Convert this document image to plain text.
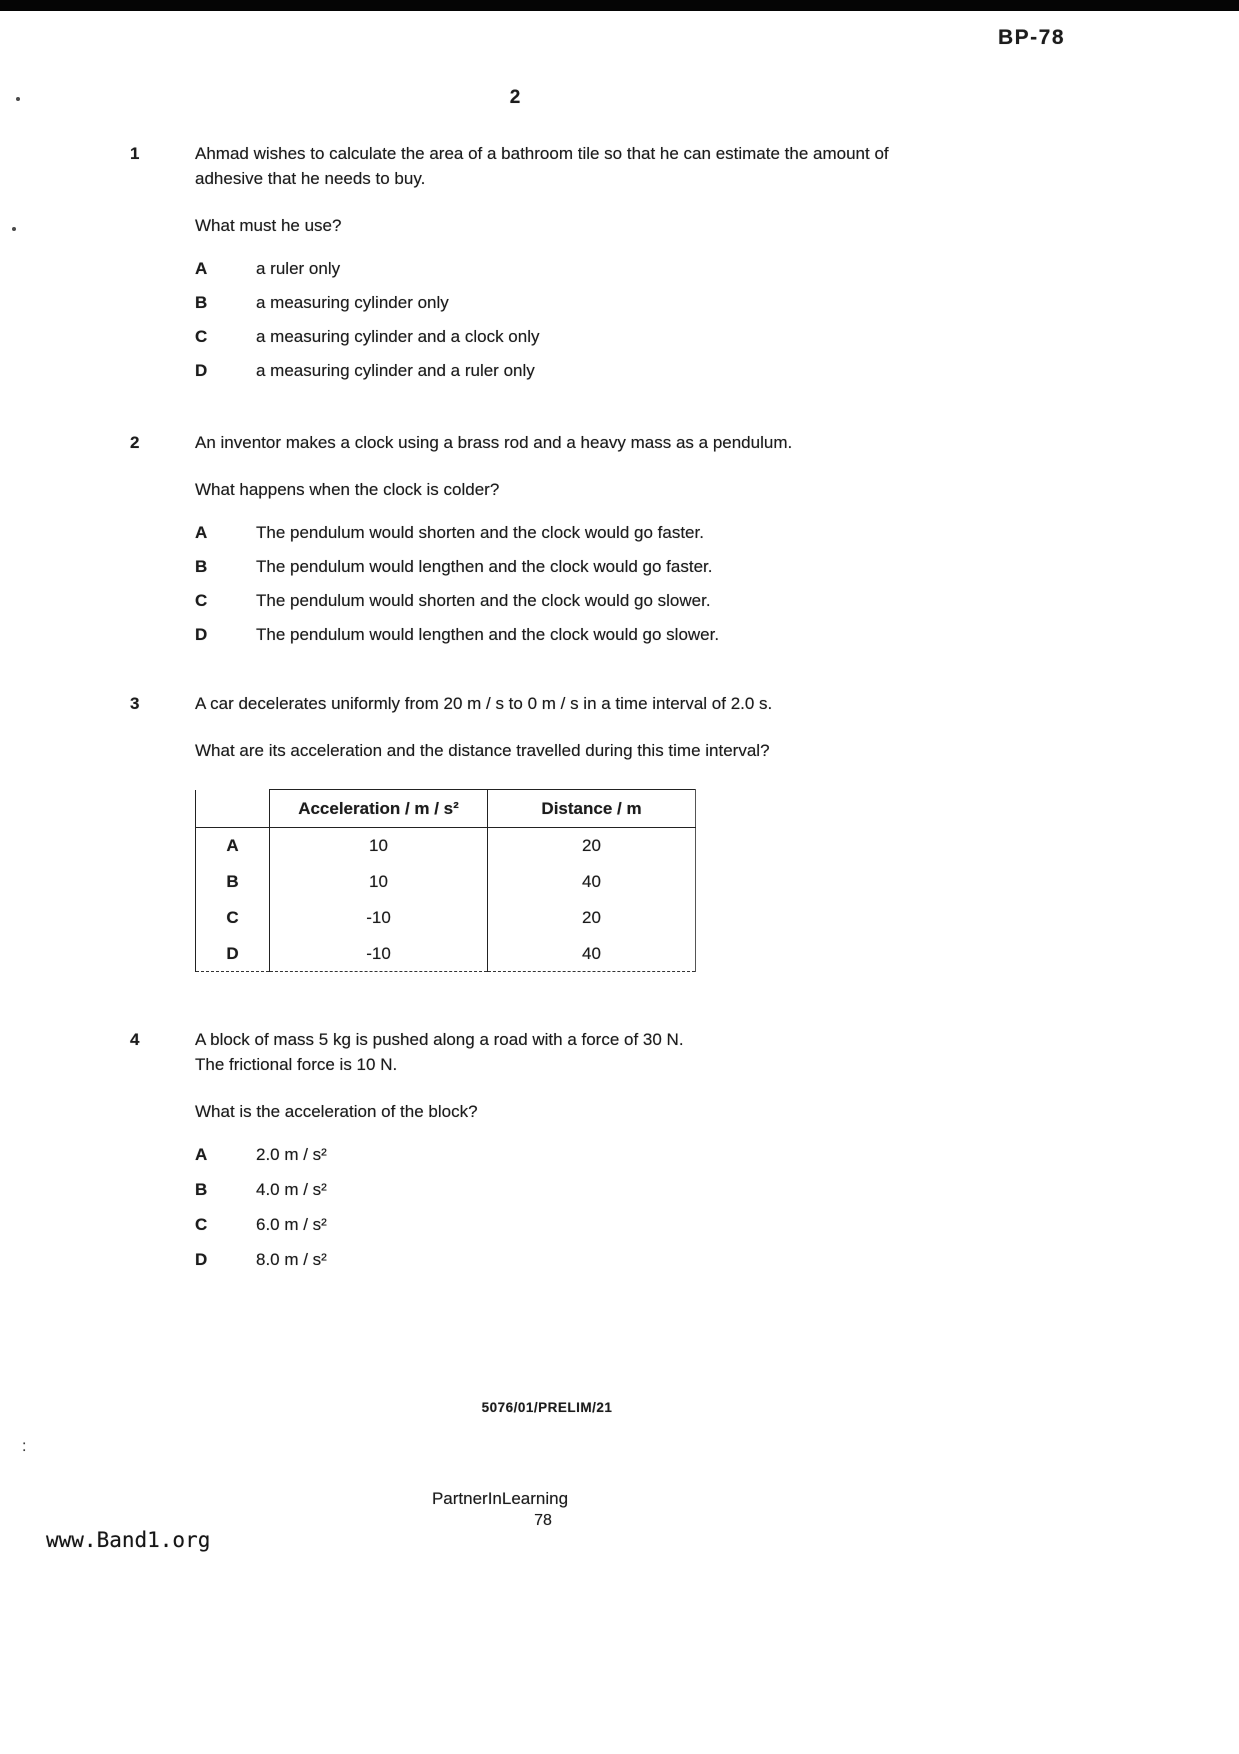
:
BP-78
2
1	Ahmad wishes to calculate the area of a bathroom tile so that he can estimate the amount of adhesive that he needs to buy.

What must he use?

A	a ruler only
B	a measuring cylinder only
C	a measuring cylinder and a clock only
D	a measuring cylinder and a ruler only
2	An inventor makes a clock using a brass rod and a heavy mass as a pendulum.

What happens when the clock is colder?

A	The pendulum would shorten and the clock would go faster.
B	The pendulum would lengthen and the clock would go faster.
C	The pendulum would shorten and the clock would go slower.
D	The pendulum would lengthen and the clock would go slower.
3	A car decelerates uniformly from 20 m / s to 0 m / s in a time interval of 2.0 s.

What are its acceleration and the distance travelled during this time interval?

	Acceleration / m / s²	Distance / m
A	10	20
B	10	40
C	-10	20
D	-10	40
4	A block of mass 5 kg is pushed along a road with a force of 30 N.

The frictional force is 10 N.

What is the acceleration of the block?

A	2.0 m / s²
B	4.0 m / s²
C	6.0 m / s²
D	8.0 m / s²
5076/01/PRELIM/21
PartnerInLearning
78
www.Band1.org
